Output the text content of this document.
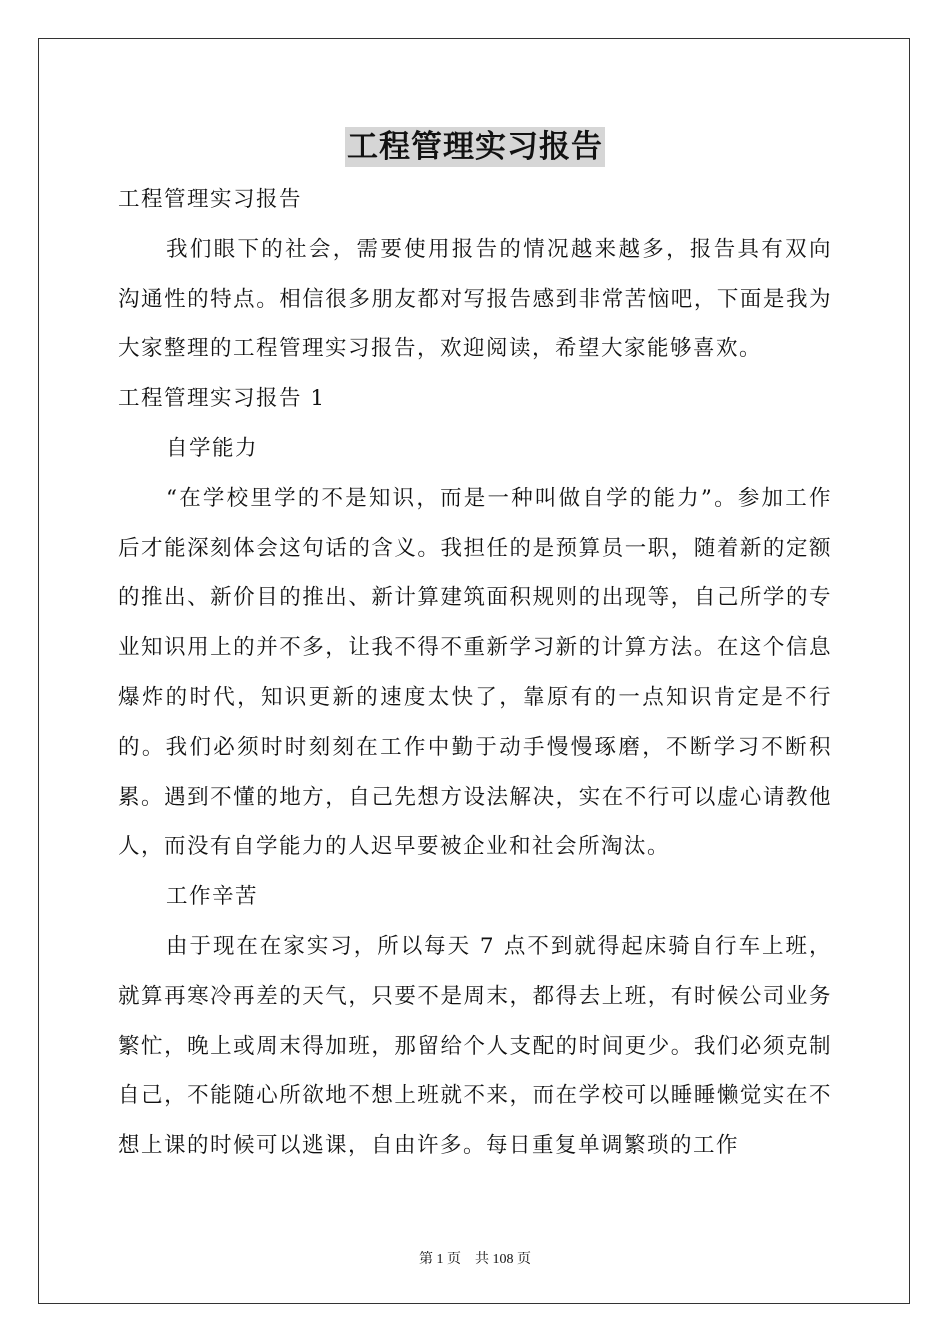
工程管理实习报告

工程管理实习报告

我们眼下的社会，需要使用报告的情况越来越多，报告具有双向沟通性的特点。相信很多朋友都对写报告感到非常苦恼吧，下面是我为大家整理的工程管理实习报告，欢迎阅读，希望大家能够喜欢。

工程管理实习报告 1

自学能力

“在学校里学的不是知识，而是一种叫做自学的能力”。参加工作后才能深刻体会这句话的含义。我担任的是预算员一职，随着新的定额的推出、新价目的推出、新计算建筑面积规则的出现等，自己所学的专业知识用上的并不多，让我不得不重新学习新的计算方法。在这个信息爆炸的时代，知识更新的速度太快了，靠原有的一点知识肯定是不行的。我们必须时时刻刻在工作中勤于动手慢慢琢磨，不断学习不断积累。遇到不懂的地方，自己先想方设法解决，实在不行可以虚心请教他人，而没有自学能力的人迟早要被企业和社会所淘汰。

工作辛苦

由于现在在家实习，所以每天 7 点不到就得起床骑自行车上班，就算再寒冷再差的天气，只要不是周末，都得去上班，有时候公司业务繁忙，晚上或周末得加班，那留给个人支配的时间更少。我们必须克制自己，不能随心所欲地不想上班就不来，而在学校可以睡睡懒觉实在不想上课的时候可以逃课，自由许多。每日重复单调繁琐的工作

第 1 页　共 108 页
